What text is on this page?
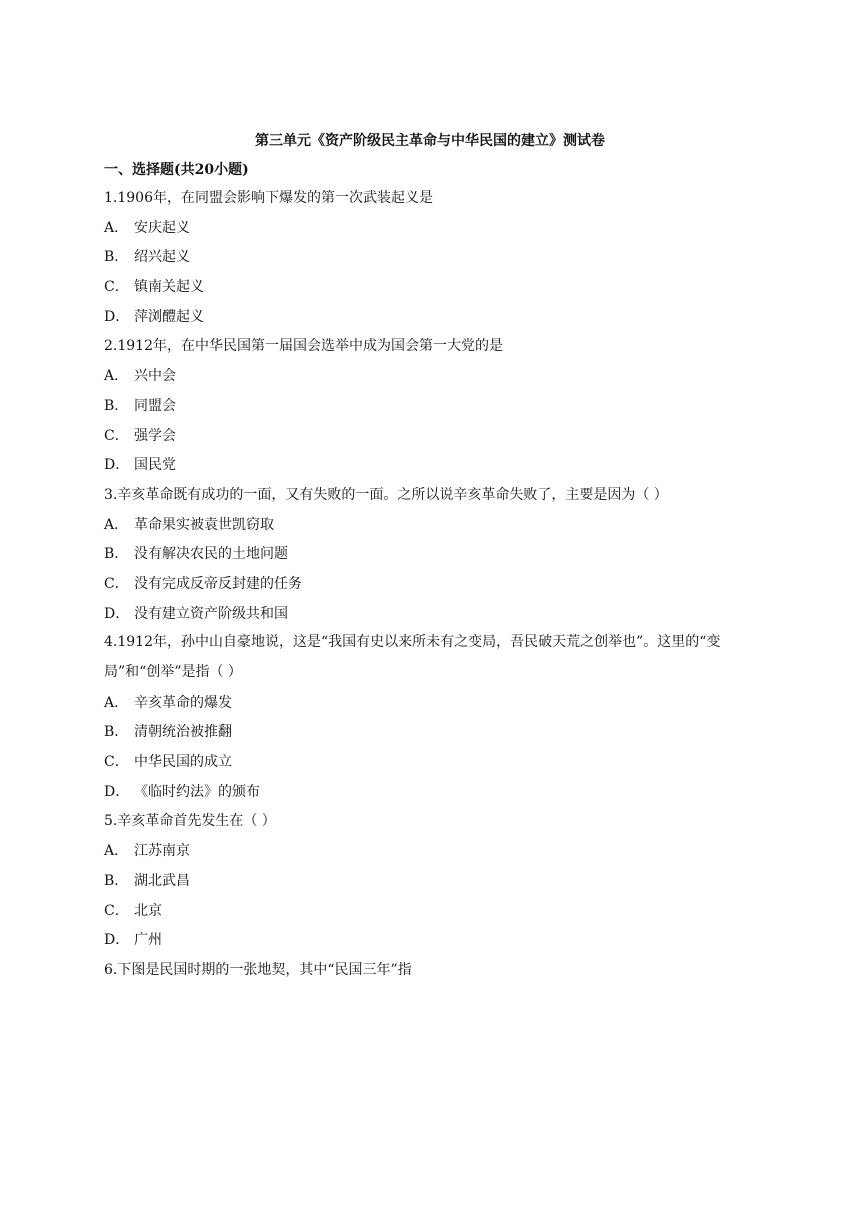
第三单元《资产阶级民主革命与中华民国的建立》测试卷
一、选择题(共20小题)
1.1906年，在同盟会影响下爆发的第一次武装起义是
A． 安庆起义
B． 绍兴起义
C． 镇南关起义
D． 萍浏醴起义
2.1912年，在中华民国第一届国会选举中成为国会第一大党的是
A． 兴中会
B． 同盟会
C． 强学会
D． 国民党
3.辛亥革命既有成功的一面，又有失败的一面。之所以说辛亥革命失败了，主要是因为（ ）
A． 革命果实被袁世凯窃取
B． 没有解决农民的土地问题
C． 没有完成反帝反封建的任务
D． 没有建立资产阶级共和国
4.1912年，孙中山自豪地说，这是“我国有史以来所未有之变局，吾民破天荒之创举也”。这里的“变局”和“创举”是指（ ）
A． 辛亥革命的爆发
B． 清朝统治被推翻
C． 中华民国的成立
D． 《临时约法》的颁布
5.辛亥革命首先发生在（ ）
A． 江苏南京
B． 湖北武昌
C． 北京
D． 广州
6.下图是民国时期的一张地契，其中“民国三年”指
